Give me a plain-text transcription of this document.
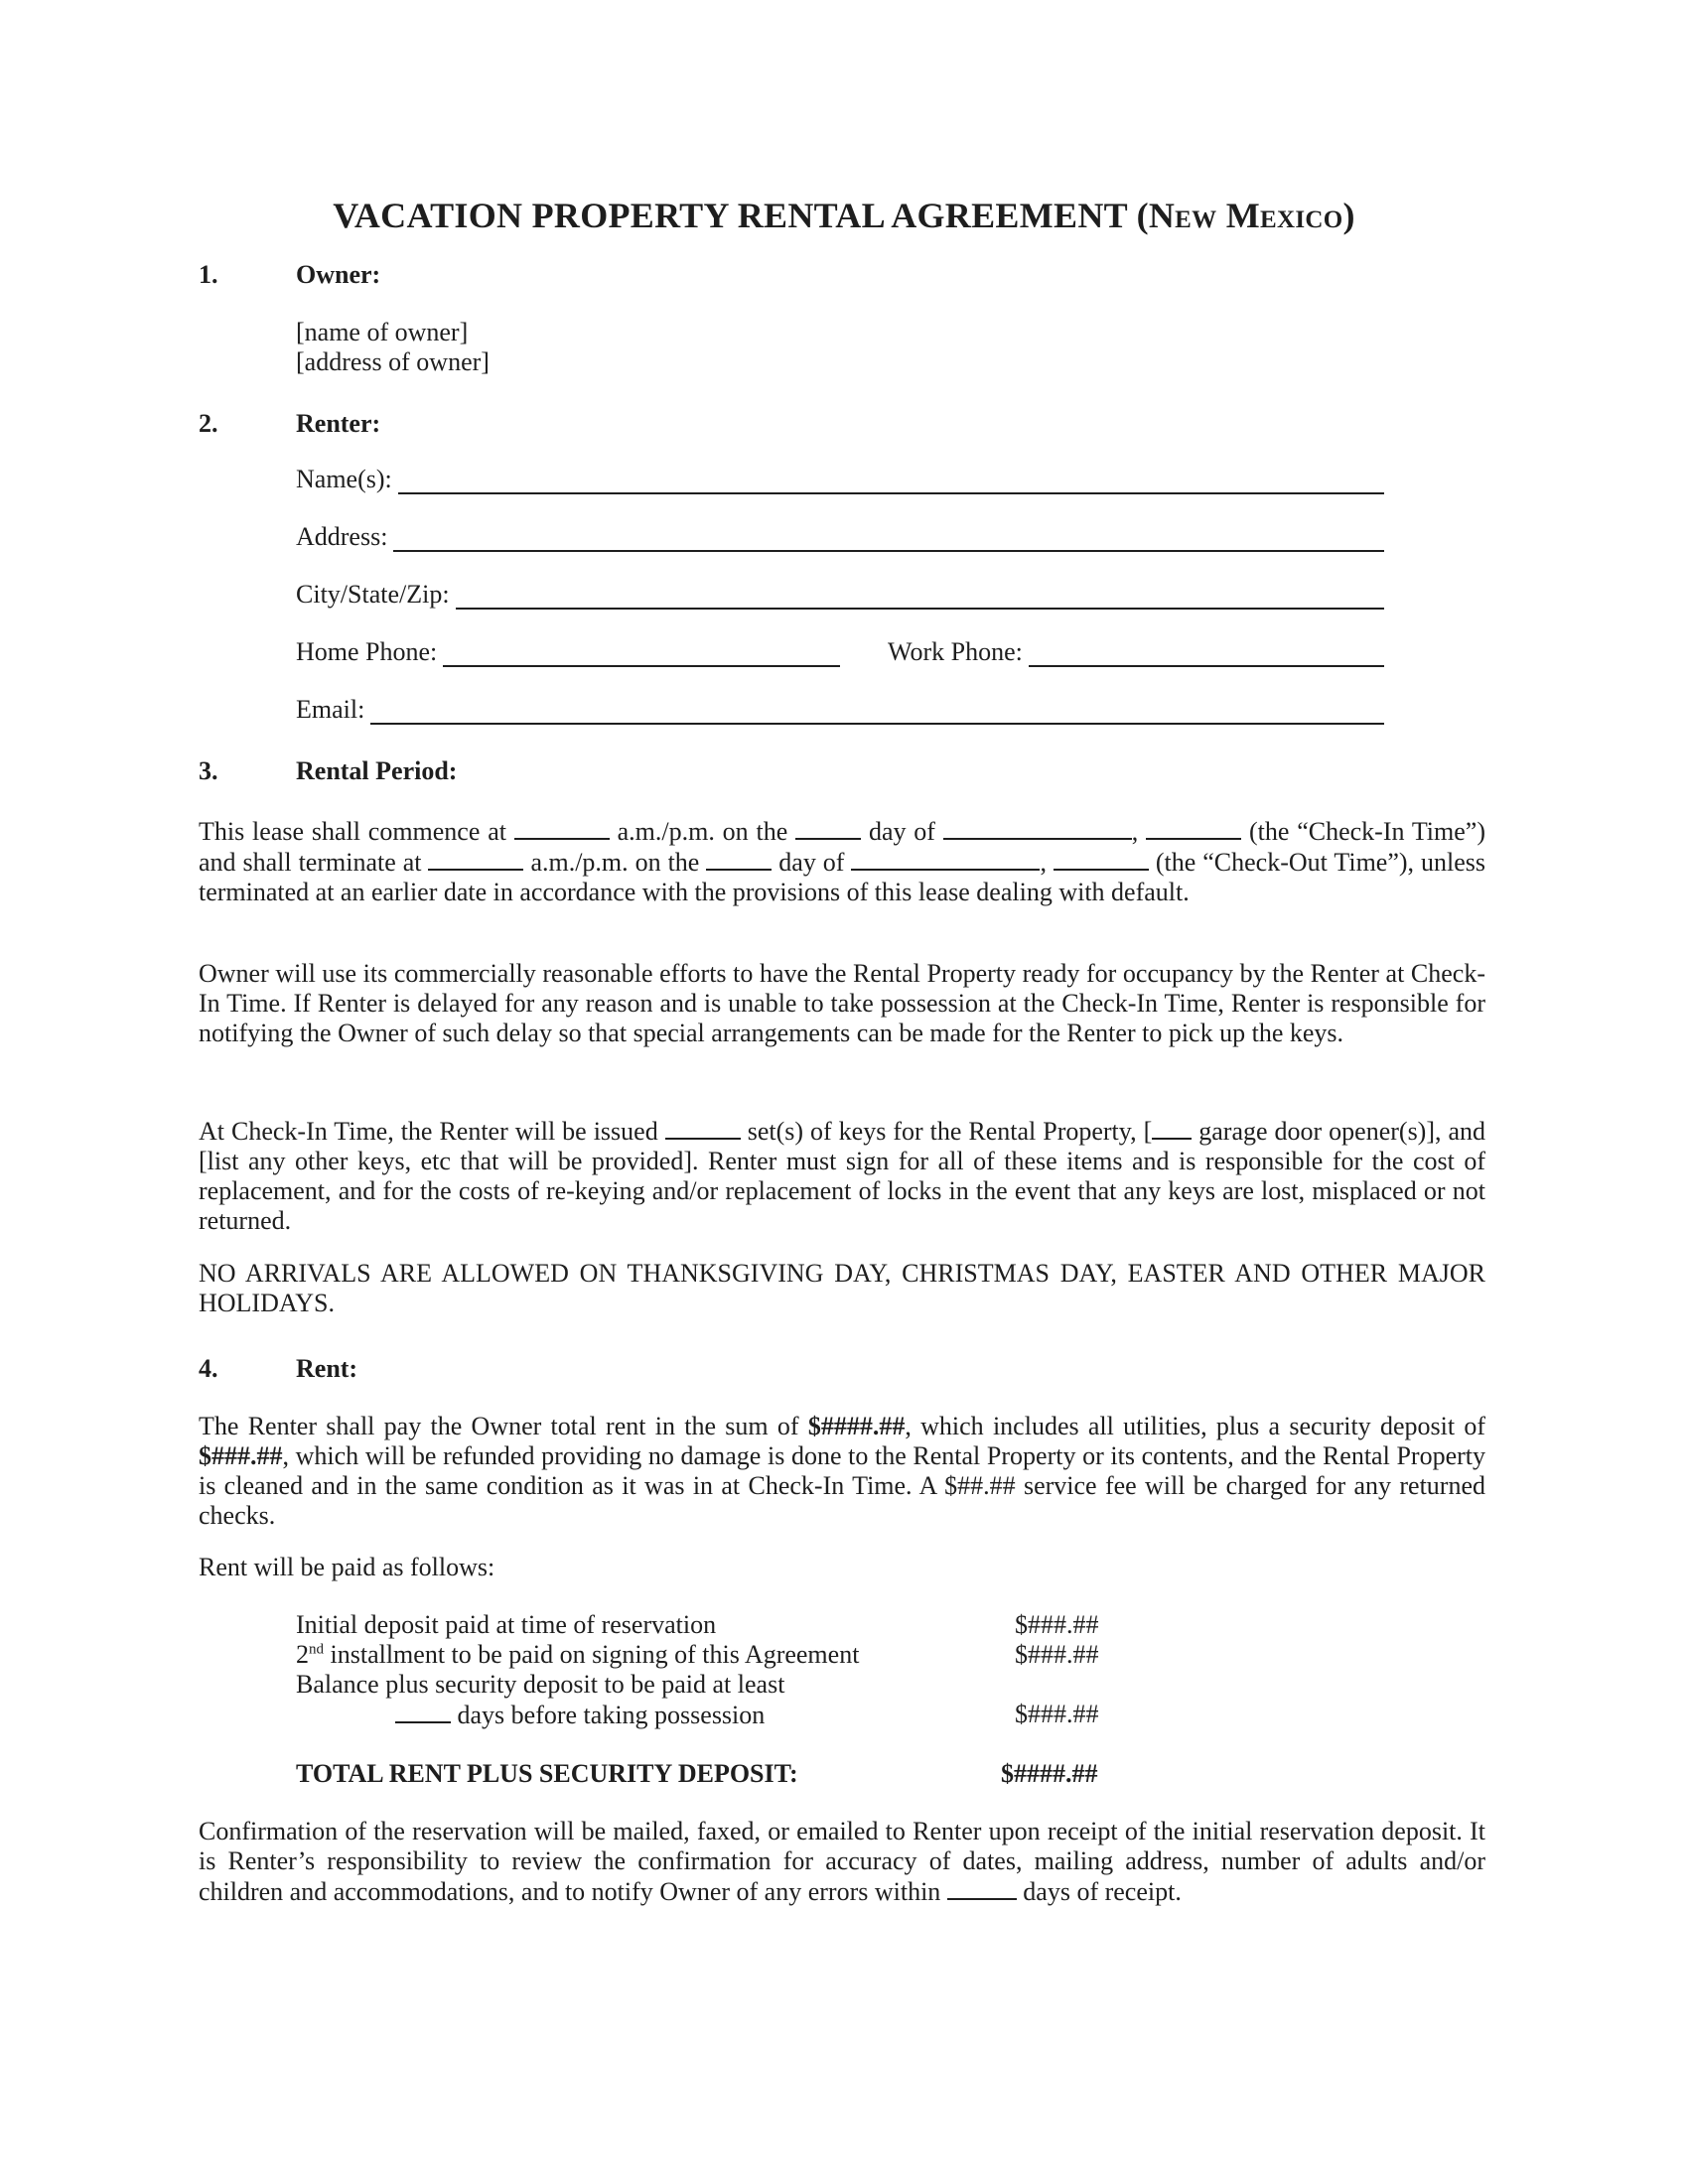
VACATION PROPERTY RENTAL AGREEMENT (New Mexico)
1.	Owner:
[name of owner]
[address of owner]
2.	Renter:
Name(s):
Address:
City/State/Zip:
Home Phone:	Work Phone:
Email:
3.	Rental Period:
This lease shall commence at	a.m./p.m. on the	day of	,	(the “Check-In Time”) and shall terminate at	a.m./p.m. on the	day of	,	(the “Check-Out Time”), unless terminated at an earlier date in accordance with the provisions of this lease dealing with default.
Owner will use its commercially reasonable efforts to have the Rental Property ready for occupancy by the Renter at Check-In Time. If Renter is delayed for any reason and is unable to take possession at the Check-In Time, Renter is responsible for notifying the Owner of such delay so that special arrangements can be made for the Renter to pick up the keys.
At Check-In Time, the Renter will be issued	set(s) of keys for the Rental Property, [ garage door opener(s)], and [list any other keys, etc that will be provided]. Renter must sign for all of these items and is responsible for the cost of replacement, and for the costs of re-keying and/or replacement of locks in the event that any keys are lost, misplaced or not returned.
NO ARRIVALS ARE ALLOWED ON THANKSGIVING DAY, CHRISTMAS DAY, EASTER AND OTHER MAJOR HOLIDAYS.
4.	Rent:
The Renter shall pay the Owner total rent in the sum of $####.##, which includes all utilities, plus a security deposit of $###.##, which will be refunded providing no damage is done to the Rental Property or its contents, and the Rental Property is cleaned and in the same condition as it was in at Check-In Time. A $##.## service fee will be charged for any returned checks.
Rent will be paid as follows:
Initial deposit paid at time of reservation	$###.##
2nd installment to be paid on signing of this Agreement	$###.##
Balance plus security deposit to be paid at least
days before taking possession	$###.##
TOTAL RENT PLUS SECURITY DEPOSIT:	$####.##
Confirmation of the reservation will be mailed, faxed, or emailed to Renter upon receipt of the initial reservation deposit. It is Renter’s responsibility to review the confirmation for accuracy of dates, mailing address, number of adults and/or children and accommodations, and to notify Owner of any errors within	days of receipt.
